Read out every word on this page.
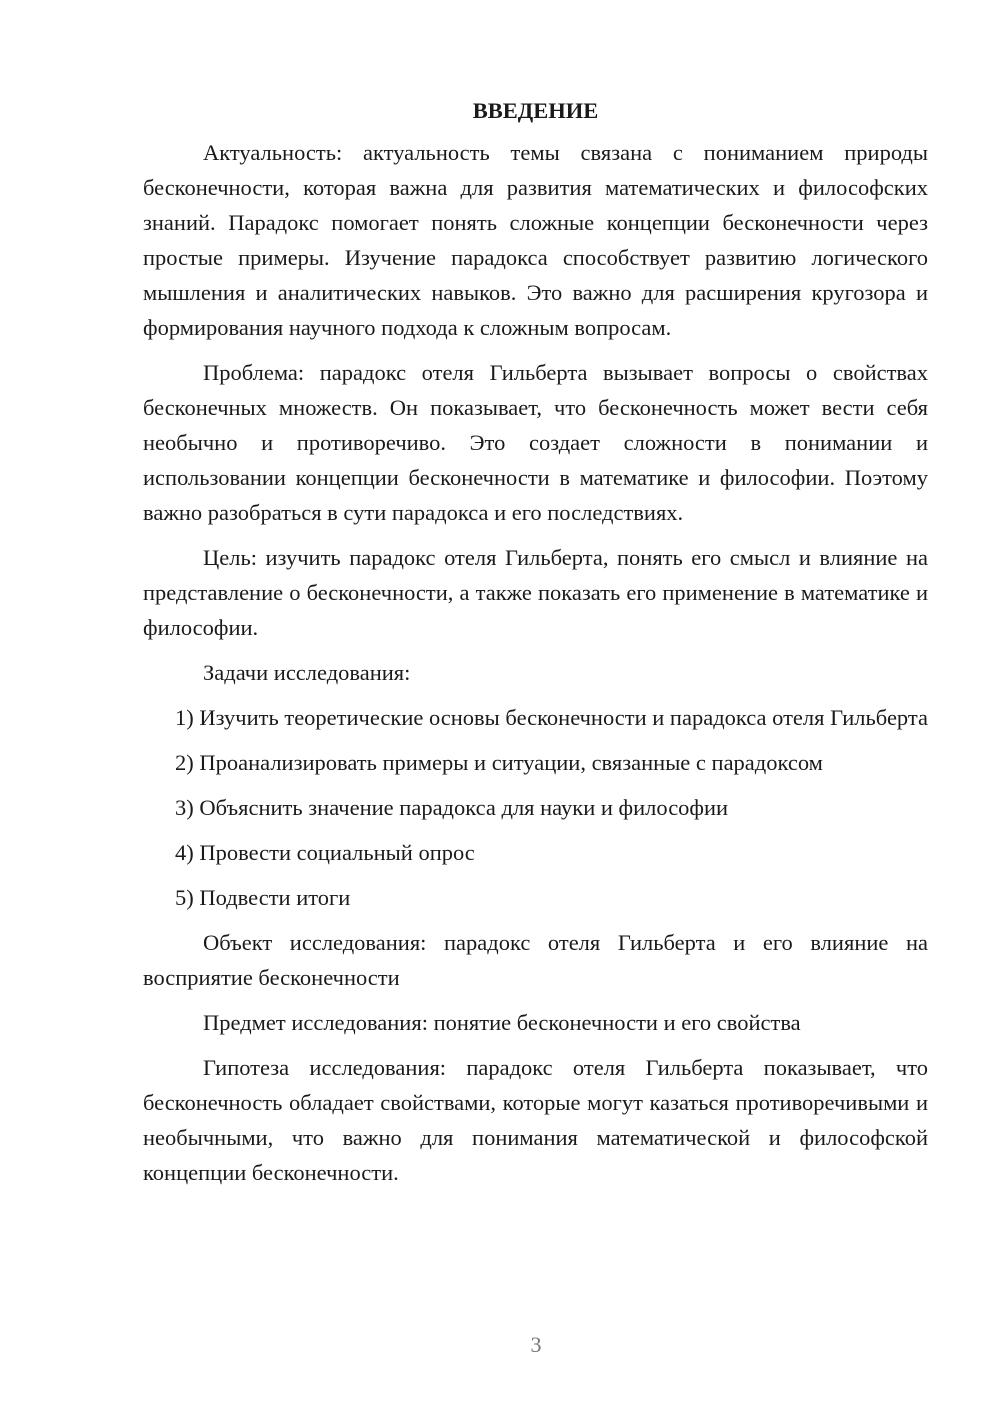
ВВЕДЕНИЕ

Актуальность: актуальность темы связана с пониманием природы бесконечности, которая важна для развития математических и философских знаний. Парадокс помогает понять сложные концепции бесконечности через простые примеры. Изучение парадокса способствует развитию логического мышления и аналитических навыков. Это важно для расширения кругозора и формирования научного подхода к сложным вопросам.

Проблема: парадокс отеля Гильберта вызывает вопросы о свойствах бесконечных множеств. Он показывает, что бесконечность может вести себя необычно и противоречиво. Это создает сложности в понимании и использовании концепции бесконечности в математике и философии. Поэтому важно разобраться в сути парадокса и его последствиях.

Цель: изучить парадокс отеля Гильберта, понять его смысл и влияние на представление о бесконечности, а также показать его применение в математике и философии.

Задачи исследования:

1) Изучить теоретические основы бесконечности и парадокса отеля Гильберта

2) Проанализировать примеры и ситуации, связанные с парадоксом

3) Объяснить значение парадокса для науки и философии

4) Провести социальный опрос

5) Подвести итоги

Объект исследования: парадокс отеля Гильберта и его влияние на восприятие бесконечности

Предмет исследования: понятие бесконечности и его свойства

Гипотеза исследования: парадокс отеля Гильберта показывает, что бесконечность обладает свойствами, которые могут казаться противоречивыми и необычными, что важно для понимания математической и философской концепции бесконечности.

3
